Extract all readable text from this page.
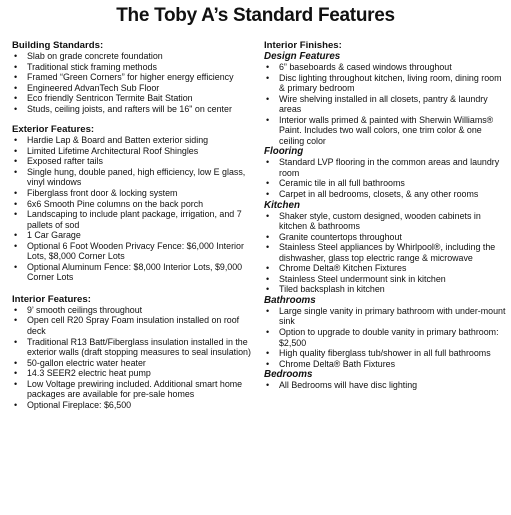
The Toby A’s Standard Features
Building Standards:
• Slab on grade concrete foundation
• Traditional stick framing methods
• Framed “Green Corners” for higher energy efficiency
• Engineered AdvanTech Sub Floor
• Eco friendly Sentricon Termite Bait Station
• Studs, ceiling joists, and rafters will be 16" on center
Exterior Features:
• Hardie Lap & Board and Batten exterior siding
• Limited Lifetime Architectural Roof Shingles
• Exposed rafter tails
• Single hung, double paned, high efficiency, low E glass, vinyl windows
• Fiberglass front door & locking system
• 6x6 Smooth Pine columns on the back porch
• Landscaping to include plant package, irrigation, and 7 pallets of sod
• 1 Car Garage
• Optional 6 Foot Wooden Privacy Fence: $6,000 Interior Lots, $8,000 Corner Lots
• Optional Aluminum Fence: $8,000 Interior Lots, $9,000 Corner Lots
Interior Features:
• 9’ smooth ceilings throughout
• Open cell R20 Spray Foam insulation installed on roof deck
• Traditional R13 Batt/Fiberglass insulation installed in the exterior walls (draft stopping measures to seal insulation)
• 50-gallon electric water heater
• 14.3 SEER2 electric heat pump
• Low Voltage prewiring included. Additional smart home packages are available for pre-sale homes
• Optional Fireplace: $6,500
Interior Finishes:
Design Features
• 6” baseboards & cased windows throughout
• Disc lighting throughout kitchen, living room, dining room & primary bedroom
• Wire shelving installed in all closets, pantry & laundry areas
• Interior walls primed & painted with Sherwin Williams® Paint. Includes two wall colors, one trim color & one ceiling color
Flooring
• Standard LVP flooring in the common areas and laundry room
• Ceramic tile in all full bathrooms
• Carpet in all bedrooms, closets, & any other rooms
Kitchen
• Shaker style, custom designed, wooden cabinets in kitchen & bathrooms
• Granite countertops throughout
• Stainless Steel appliances by Whirlpool®, including the dishwasher, glass top electric range & microwave
• Chrome Delta® Kitchen Fixtures
• Stainless Steel undermount sink in kitchen
• Tiled backsplash in kitchen
Bathrooms
• Large single vanity in primary bathroom with under-mount sink
• Option to upgrade to double vanity in primary bathroom: $2,500
• High quality fiberglass tub/shower in all full bathrooms
• Chrome Delta® Bath Fixtures
Bedrooms
• All Bedrooms will have disc lighting
